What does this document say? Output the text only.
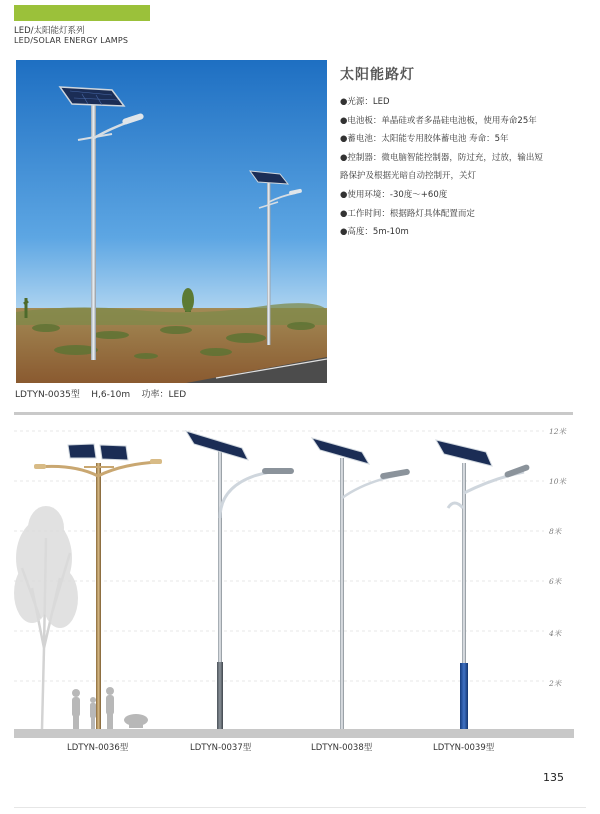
LED/太阳能灯系列
LED/SOLAR ENERGY LAMPS
LDTYN-0035型    H,6-10m    功率：LED
太阳能路灯
●光源：LED
●电池板：单晶硅或者多晶硅电池板，使用寿命25年
●蓄电池：太阳能专用胶体蓄电池 寿命：5年
●控制器：微电脑智能控制器，防过充，过放，输出短
路保护及根据光暗自动控制开，关灯
●使用环境：-30度～+60度
●工作时间：根据路灯具体配置而定
●高度：5m-10m
12米
10米
8米
6米
4米
2米
LDTYN-0036型	LDTYN-0037型	LDTYN-0038型	LDTYN-0039型
135
